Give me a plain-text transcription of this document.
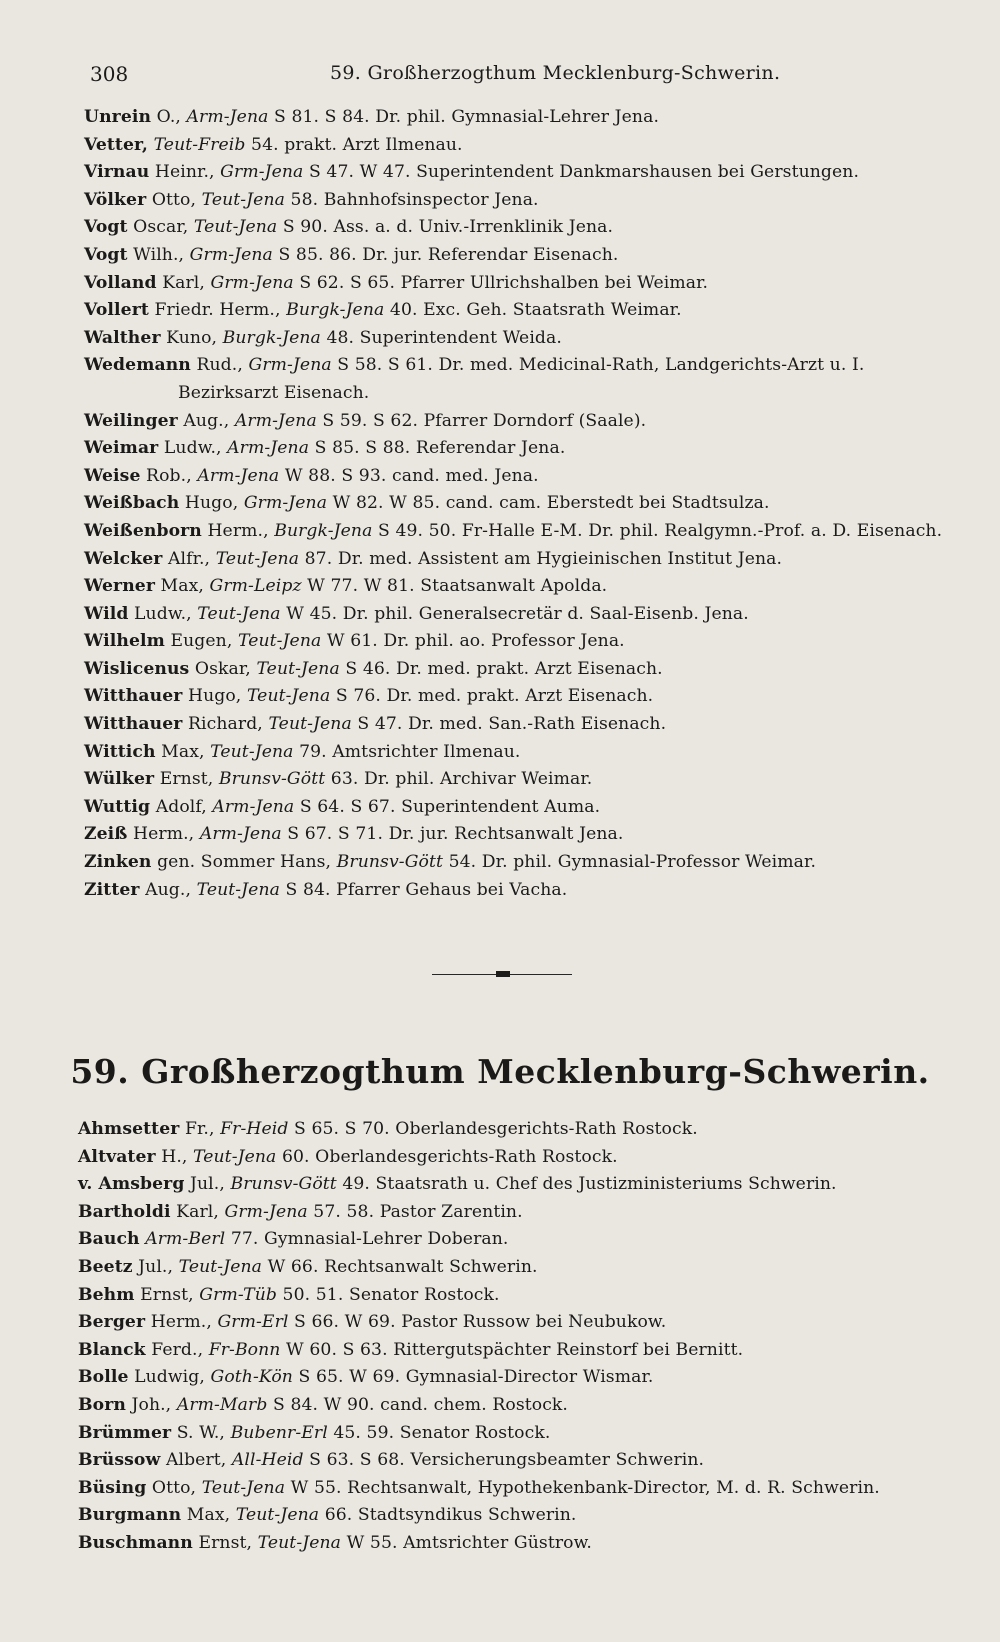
308	59. Großherzogthum Mecklenburg-Schwerin.
Unrein O., Arm-Jena S 81. S 84. Dr. phil. Gymnasial-Lehrer Jena.
Vetter, Teut-Freib 54. prakt. Arzt Ilmenau.
Virnau Heinr., Grm-Jena S 47. W 47. Superintendent Dankmarshausen bei Gerstungen.
Völker Otto, Teut-Jena 58. Bahnhofsinspector Jena.
Vogt Oscar, Teut-Jena S 90. Ass. a. d. Univ.-Irrenklinik Jena.
Vogt Wilh., Grm-Jena S 85. 86. Dr. jur. Referendar Eisenach.
Volland Karl, Grm-Jena S 62. S 65. Pfarrer Ullrichshalben bei Weimar.
Vollert Friedr. Herm., Burgk-Jena 40. Exc. Geh. Staatsrath Weimar.
Walther Kuno, Burgk-Jena 48. Superintendent Weida.
Wedemann Rud., Grm-Jena S 58. S 61. Dr. med. Medicinal-Rath, Landgerichts-Arzt u. I. Bezirksarzt Eisenach.
Weilinger Aug., Arm-Jena S 59. S 62. Pfarrer Dorndorf (Saale).
Weimar Ludw., Arm-Jena S 85. S 88. Referendar Jena.
Weise Rob., Arm-Jena W 88. S 93. cand. med. Jena.
Weißbach Hugo, Grm-Jena W 82. W 85. cand. cam. Eberstedt bei Stadtsulza.
Weißenborn Herm., Burgk-Jena S 49. 50. Fr-Halle E-M. Dr. phil. Realgymn.-Prof. a. D. Eisenach.
Welcker Alfr., Teut-Jena 87. Dr. med. Assistent am Hygieinischen Institut Jena.
Werner Max, Grm-Leipz W 77. W 81. Staatsanwalt Apolda.
Wild Ludw., Teut-Jena W 45. Dr. phil. Generalsecretär d. Saal-Eisenb. Jena.
Wilhelm Eugen, Teut-Jena W 61. Dr. phil. ao. Professor Jena.
Wislicenus Oskar, Teut-Jena S 46. Dr. med. prakt. Arzt Eisenach.
Witthauer Hugo, Teut-Jena S 76. Dr. med. prakt. Arzt Eisenach.
Witthauer Richard, Teut-Jena S 47. Dr. med. San.-Rath Eisenach.
Wittich Max, Teut-Jena 79. Amtsrichter Ilmenau.
Wülker Ernst, Brunsv-Gött 63. Dr. phil. Archivar Weimar.
Wuttig Adolf, Arm-Jena S 64. S 67. Superintendent Auma.
Zeiß Herm., Arm-Jena S 67. S 71. Dr. jur. Rechtsanwalt Jena.
Zinken gen. Sommer Hans, Brunsv-Gött 54. Dr. phil. Gymnasial-Professor Weimar.
Zitter Aug., Teut-Jena S 84. Pfarrer Gehaus bei Vacha.
59. Großherzogthum Mecklenburg-Schwerin.
Ahmsetter Fr., Fr-Heid S 65. S 70. Oberlandesgerichts-Rath Rostock.
Altvater H., Teut-Jena 60. Oberlandesgerichts-Rath Rostock.
v. Amsberg Jul., Brunsv-Gött 49. Staatsrath u. Chef des Justizministeriums Schwerin.
Bartholdi Karl, Grm-Jena 57. 58. Pastor Zarentin.
Bauch Arm-Berl 77. Gymnasial-Lehrer Doberan.
Beetz Jul., Teut-Jena W 66. Rechtsanwalt Schwerin.
Behm Ernst, Grm-Tüb 50. 51. Senator Rostock.
Berger Herm., Grm-Erl S 66. W 69. Pastor Russow bei Neubukow.
Blanck Ferd., Fr-Bonn W 60. S 63. Rittergutspächter Reinstorf bei Bernitt.
Bolle Ludwig, Goth-Kön S 65. W 69. Gymnasial-Director Wismar.
Born Joh., Arm-Marb S 84. W 90. cand. chem. Rostock.
Brümmer S. W., Bubenr-Erl 45. 59. Senator Rostock.
Brüssow Albert, All-Heid S 63. S 68. Versicherungsbeamter Schwerin.
Büsing Otto, Teut-Jena W 55. Rechtsanwalt, Hypothekenbank-Director, M. d. R. Schwerin.
Burgmann Max, Teut-Jena 66. Stadtsyndikus Schwerin.
Buschmann Ernst, Teut-Jena W 55. Amtsrichter Güstrow.
